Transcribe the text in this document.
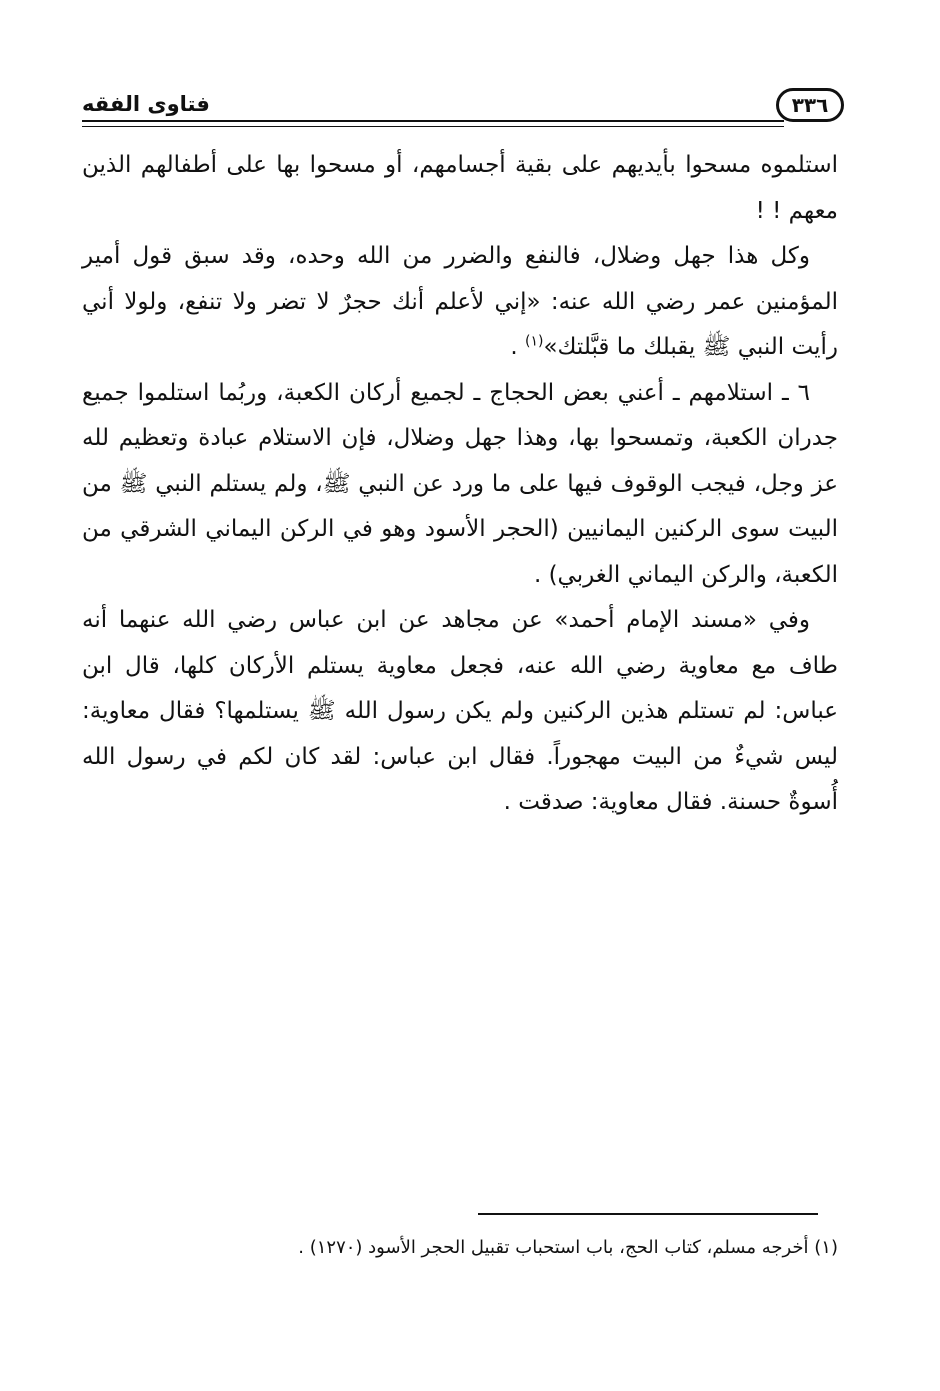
فتاوى الفقه	٣٣٦

استلموه مسحوا بأيديهم على بقية أجسامهم، أو مسحوا بها على أطفالهم الذين معهم ! !

وكل هذا جهل وضلال، فالنفع والضرر من الله وحده، وقد سبق قول أمير المؤمنين عمر رضي الله عنه: «إني لأعلم أنك حجرٌ لا تضر ولا تنفع، ولولا أني رأيت النبي ﷺ يقبلك ما قبَّلتك»$^{(١)}$ .

٦ ـ استلامهم ـ أعني بعض الحجاج ـ لجميع أركان الكعبة، وربُما استلموا جميع جدران الكعبة، وتمسحوا بها، وهذا جهل وضلال، فإن الاستلام عبادة وتعظيم لله عز وجل، فيجب الوقوف فيها على ما ورد عن النبي ﷺ، ولم يستلم النبي ﷺ من البيت سوى الركنين اليمانيين (الحجر الأسود وهو في الركن اليماني الشرقي من الكعبة، والركن اليماني الغربي) .

وفي «مسند الإمام أحمد» عن مجاهد عن ابن عباس رضي الله عنهما أنه طاف مع معاوية رضي الله عنه، فجعل معاوية يستلم الأركان كلها، قال ابن عباس: لم تستلم هذين الركنين ولم يكن رسول الله ﷺ يستلمها؟ فقال معاوية: ليس شيءٌ من البيت مهجوراً. فقال ابن عباس: لقد كان لكم في رسول الله أُسوةٌ حسنة. فقال معاوية: صدقت .

(١) أخرجه مسلم، كتاب الحج، باب استحباب تقبيل الحجر الأسود (١٢٧٠) .
